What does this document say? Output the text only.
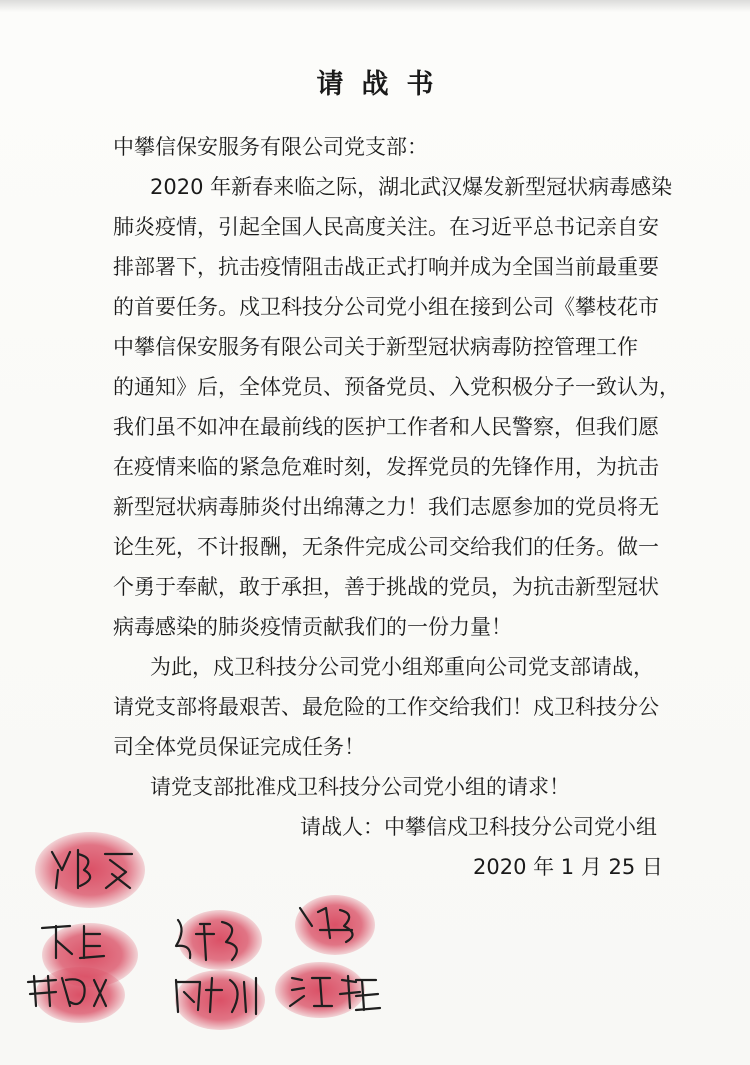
请战书
中攀信保安服务有限公司党支部：
2020 年新春来临之际，湖北武汉爆发新型冠状病毒感染
肺炎疫情，引起全国人民高度关注。在习近平总书记亲自安
排部署下，抗击疫情阻击战正式打响并成为全国当前最重要
的首要任务。戍卫科技分公司党小组在接到公司《攀枝花市
中攀信保安服务有限公司关于新型冠状病毒防控管理工作
的通知》后，全体党员、预备党员、入党积极分子一致认为，
我们虽不如冲在最前线的医护工作者和人民警察，但我们愿
在疫情来临的紧急危难时刻，发挥党员的先锋作用，为抗击
新型冠状病毒肺炎付出绵薄之力！我们志愿参加的党员将无
论生死，不计报酬，无条件完成公司交给我们的任务。做一
个勇于奉献，敢于承担，善于挑战的党员，为抗击新型冠状
病毒感染的肺炎疫情贡献我们的一份力量！
为此，戍卫科技分公司党小组郑重向公司党支部请战，
请党支部将最艰苦、最危险的工作交给我们！戍卫科技分公
司全体党员保证完成任务！
请党支部批准戍卫科技分公司党小组的请求！
请战人：中攀信戍卫科技分公司党小组
2020 年 1 月 25 日
